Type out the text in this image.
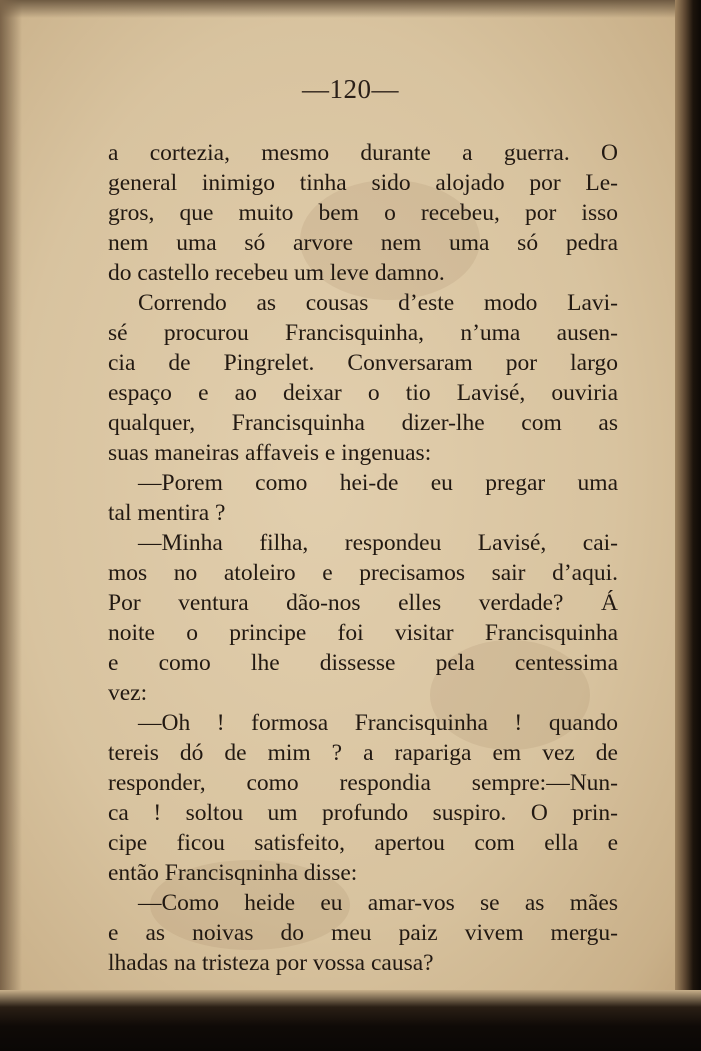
—120—
a cortezia, mesmo durante a guerra. O
general inimigo tinha sido alojado por Le-
gros, que muito bem o recebeu, por isso
nem uma só arvore nem uma só pedra
do castello recebeu um leve damno.
Correndo as cousas d’este modo Lavi-
sé procurou Francisquinha, n’uma ausen-
cia de Pingrelet. Conversaram por largo
espaço e ao deixar o tio Lavisé, ouviria
qualquer, Francisquinha dizer-lhe com as
suas maneiras affaveis e ingenuas:
—Porem como hei-de eu pregar uma
tal mentira ?
—Minha filha, respondeu Lavisé, cai-
mos no atoleiro e precisamos sair d’aqui.
Por ventura dão-nos elles verdade? Á
noite o principe foi visitar Francisquinha
e como lhe dissesse pela centessima
vez:
—Oh ! formosa Francisquinha ! quando
tereis dó de mim ? a rapariga em vez de
responder, como respondia sempre:—Nun-
ca ! soltou um profundo suspiro. O prin-
cipe ficou satisfeito, apertou com ella e
então Francisqninha disse:
—Como heide eu amar-vos se as mães
e as noivas do meu paiz vivem mergu-
lhadas na tristeza por vossa causa?
